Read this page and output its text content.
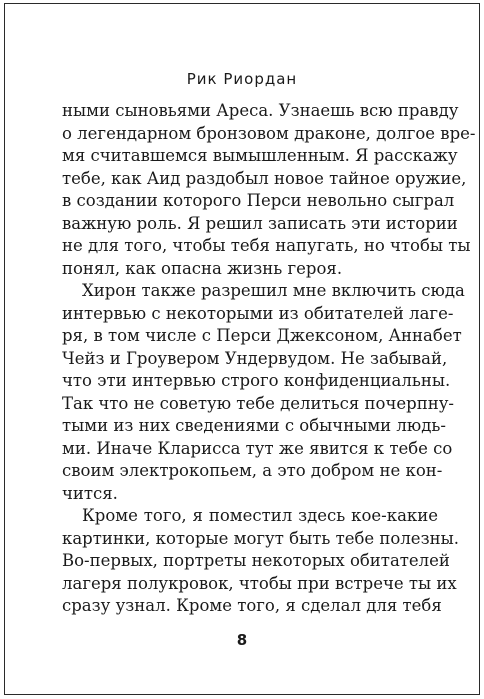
Рик Риордан

ными сыновьями Ареса. Узнаешь всю правду
о легендарном бронзовом драконе, долгое вре-
мя считавшемся вымышленным. Я расскажу
тебе, как Аид раздобыл новое тайное оружие,
в создании которого Перси невольно сыграл
важную роль. Я решил записать эти истории
не для того, чтобы тебя напугать, но чтобы ты
понял, как опасна жизнь героя.

Хирон также разрешил мне включить сюда
интервью с некоторыми из обитателей лаге-
ря, в том числе с Перси Джексоном, Аннабет
Чейз и Гроувером Ундервудом. Не забывай,
что эти интервью строго конфиденциальны.
Так что не советую тебе делиться почерпну-
тыми из них сведениями с обычными людь-
ми. Иначе Кларисса тут же явится к тебе со
своим электрокопьем, а это добром не кон-
чится.

Кроме того, я поместил здесь кое-какие
картинки, которые могут быть тебе полезны.
Во-первых, портреты некоторых обитателей
лагеря полукровок, чтобы при встрече ты их
сразу узнал. Кроме того, я сделал для тебя

8
